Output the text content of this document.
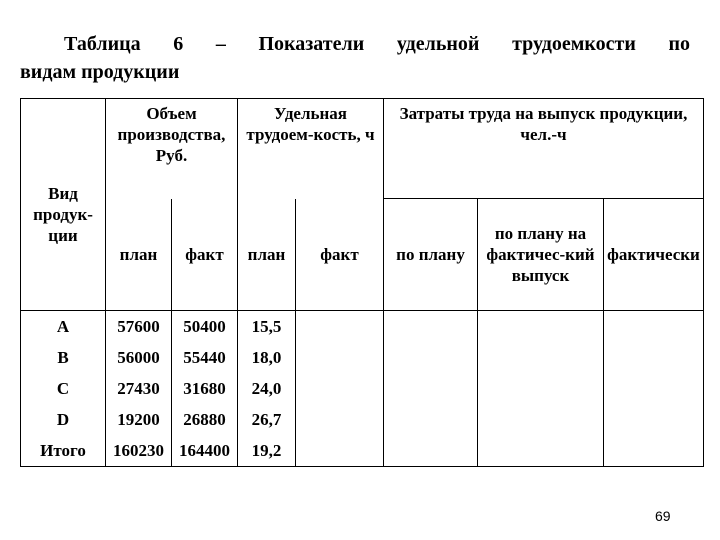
Таблица 6 – Показатели удельной трудоемкости по
видам продукции
Вид продук-ции	Объем производства, Руб.		Удельная трудоем-кость, ч		Затраты труда на выпуск продукции, чел.-ч		
	план	факт	план	факт	по плану	по плану на фактичес-кий выпуск	фактически
А	57600	50400	15,5				
В	56000	55440	18,0				
С	27430	31680	24,0				
D	19200	26880	26,7				
Итого	160230	164400	19,2				
69
